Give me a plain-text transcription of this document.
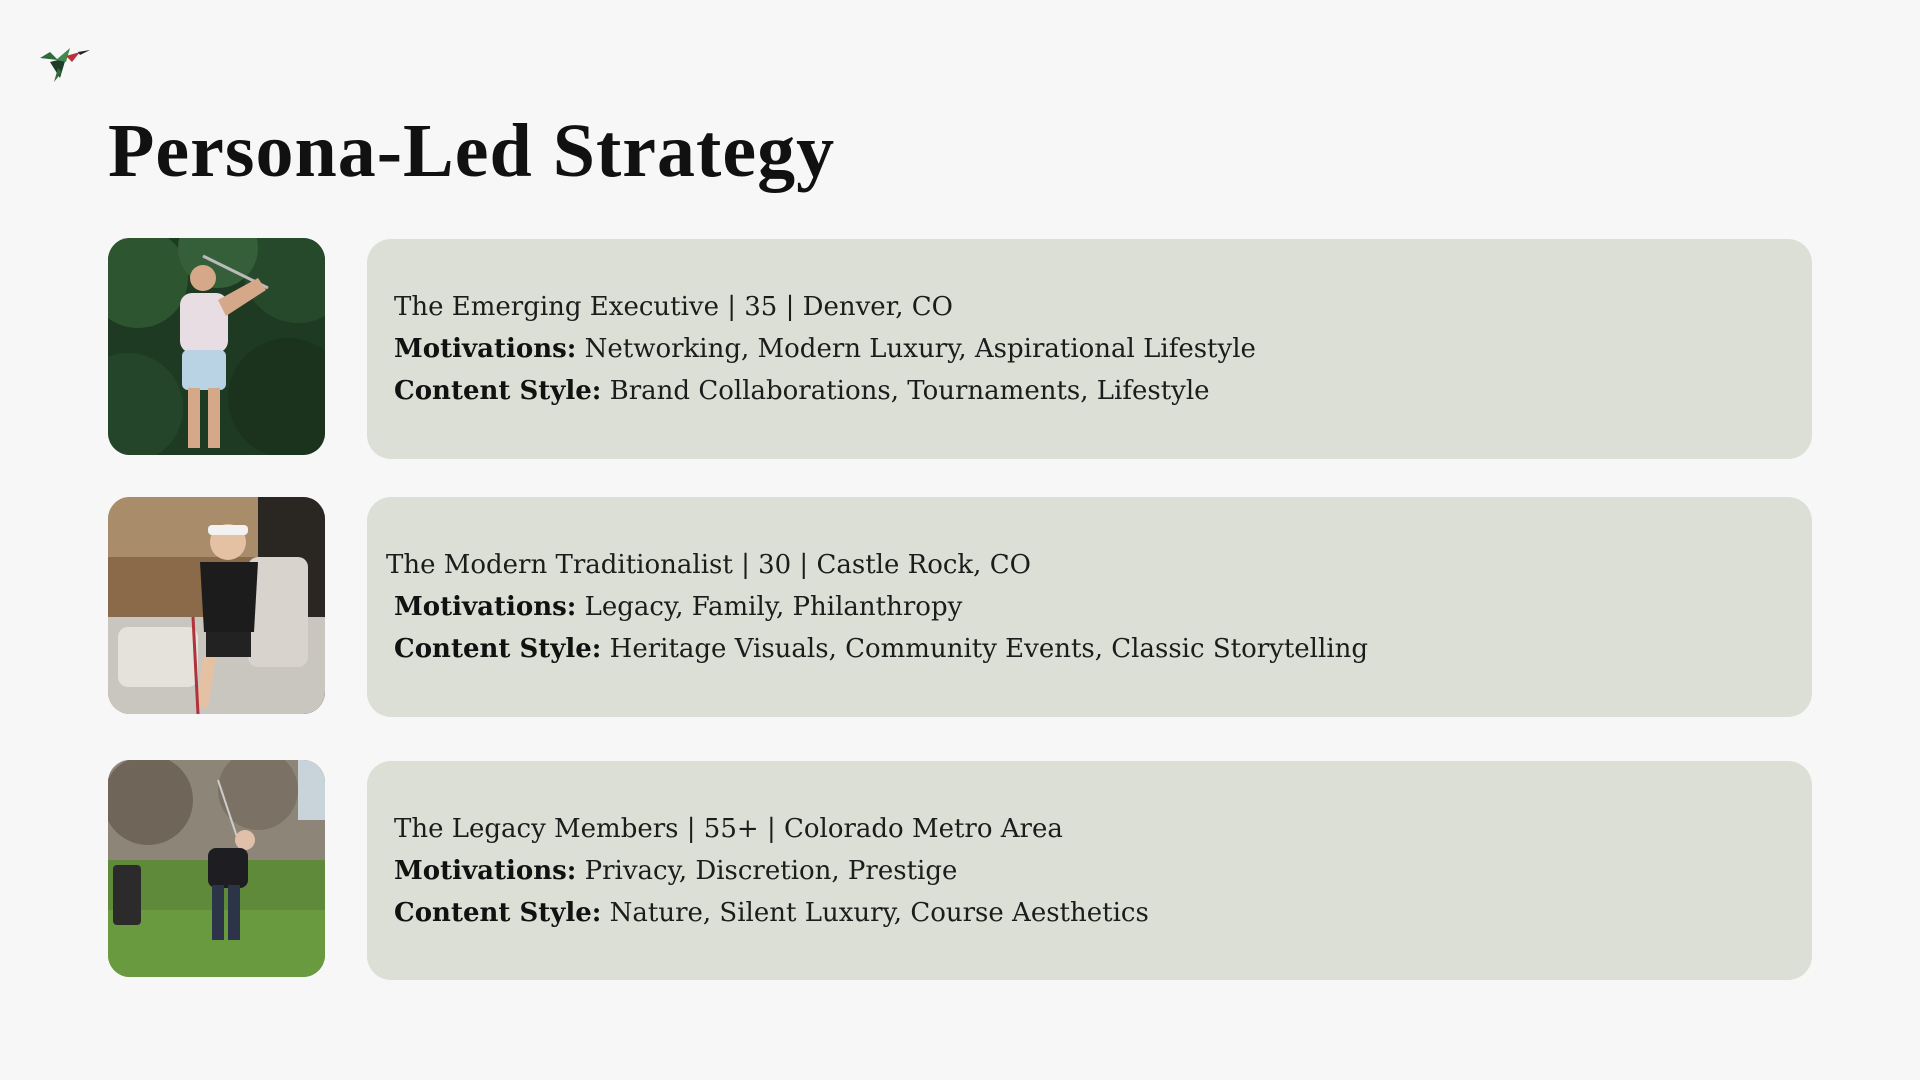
Persona-Led Strategy
The Emerging Executive | 35 | Denver, CO
Motivations: Networking, Modern Luxury, Aspirational Lifestyle
Content Style: Brand Collaborations, Tournaments, Lifestyle
The Modern Traditionalist | 30 | Castle Rock, CO
Motivations: Legacy, Family, Philanthropy
Content Style: Heritage Visuals, Community Events, Classic Storytelling
The Legacy Members | 55+ | Colorado Metro Area
Motivations: Privacy, Discretion, Prestige
Content Style: Nature, Silent Luxury, Course Aesthetics
